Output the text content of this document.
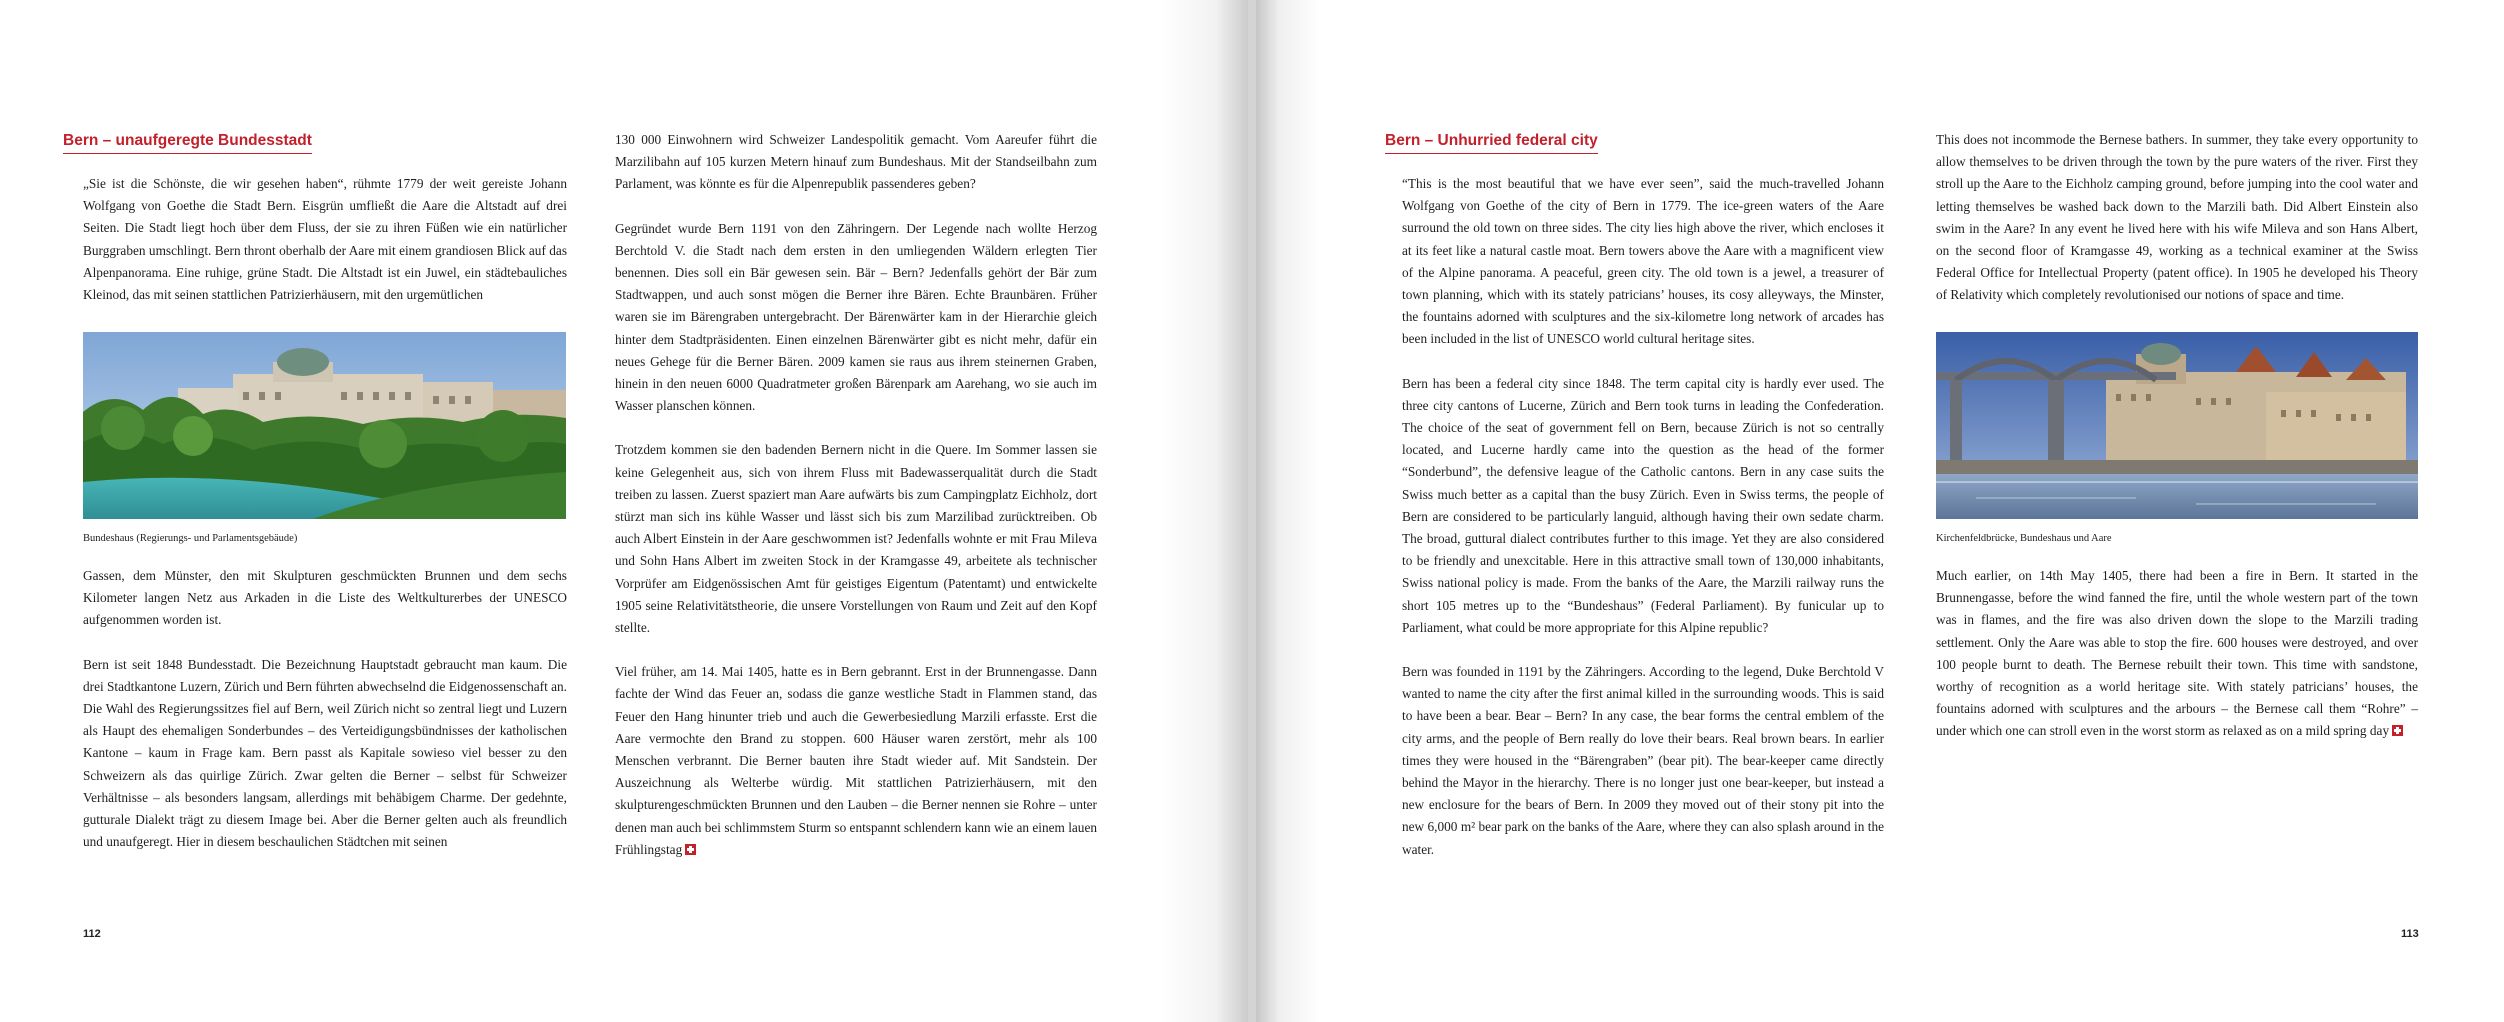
Bern – unaufgeregte Bundesstadt

„Sie ist die Schönste, die wir gesehen haben“, rühmte 1779 der weit gereiste Johann Wolfgang von Goethe die Stadt Bern. Eisgrün umfließt die Aare die Altstadt auf drei Seiten. Die Stadt liegt hoch über dem Fluss, der sie zu ihren Füßen wie ein natürlicher Burggraben umschlingt. Bern thront oberhalb der Aare mit einem grandiosen Blick auf das Alpenpanorama. Eine ruhige, grüne Stadt. Die Altstadt ist ein Juwel, ein städtebauliches Kleinod, das mit seinen stattlichen Patrizierhäusern, mit den urgemütlichen

Bundeshaus (Regierungs- und Parlamentsgebäude)

Gassen, dem Münster, den mit Skulpturen geschmückten Brunnen und dem sechs Kilometer langen Netz aus Arkaden in die Liste des Weltkulturerbes der UNESCO aufgenommen worden ist.

Bern ist seit 1848 Bundesstadt. Die Bezeichnung Hauptstadt gebraucht man kaum. Die drei Stadtkantone Luzern, Zürich und Bern führten abwechselnd die Eidgenossenschaft an. Die Wahl des Regierungssitzes fiel auf Bern, weil Zürich nicht so zentral liegt und Luzern als Haupt des ehemaligen Sonderbundes – des Verteidigungsbündnisses der katholischen Kantone – kaum in Frage kam. Bern passt als Kapitale sowieso viel besser zu den Schweizern als das quirlige Zürich. Zwar gelten die Berner – selbst für Schweizer Verhältnisse – als besonders langsam, allerdings mit behäbigem Charme. Der gedehnte, gutturale Dialekt trägt zu diesem Image bei. Aber die Berner gelten auch als freundlich und unaufgeregt. Hier in diesem beschaulichen Städtchen mit seinen

130 000 Einwohnern wird Schweizer Landespolitik gemacht. Vom Aareufer führt die Marzilibahn auf 105 kurzen Metern hinauf zum Bundeshaus. Mit der Standseilbahn zum Parlament, was könnte es für die Alpenrepublik passenderes geben?

Gegründet wurde Bern 1191 von den Zähringern. Der Legende nach wollte Herzog Berchtold V. die Stadt nach dem ersten in den umliegenden Wäldern erlegten Tier benennen. Dies soll ein Bär gewesen sein. Bär – Bern? Jedenfalls gehört der Bär zum Stadtwappen, und auch sonst mögen die Berner ihre Bären. Echte Braunbären. Früher waren sie im Bärengraben untergebracht. Der Bärenwärter kam in der Hierarchie gleich hinter dem Stadtpräsidenten. Einen einzelnen Bärenwärter gibt es nicht mehr, dafür ein neues Gehege für die Berner Bären. 2009 kamen sie raus aus ihrem steinernen Graben, hinein in den neuen 6000 Quadratmeter großen Bärenpark am Aarehang, wo sie auch im Wasser planschen können.

Trotzdem kommen sie den badenden Bernern nicht in die Quere. Im Sommer lassen sie keine Gelegenheit aus, sich von ihrem Fluss mit Badewasserqualität durch die Stadt treiben zu lassen. Zuerst spaziert man Aare aufwärts bis zum Campingplatz Eichholz, dort stürzt man sich ins kühle Wasser und lässt sich bis zum Marzilibad zurücktreiben. Ob auch Albert Einstein in der Aare geschwommen ist? Jedenfalls wohnte er mit Frau Mileva und Sohn Hans Albert im zweiten Stock in der Kramgasse 49, arbeitete als technischer Vorprüfer am Eidgenössischen Amt für geistiges Eigentum (Patentamt) und entwickelte 1905 seine Relativitätstheorie, die unsere Vorstellungen von Raum und Zeit auf den Kopf stellte.

Viel früher, am 14. Mai 1405, hatte es in Bern gebrannt. Erst in der Brunnengasse. Dann fachte der Wind das Feuer an, sodass die ganze westliche Stadt in Flammen stand, das Feuer den Hang hinunter trieb und auch die Gewerbesiedlung Marzili erfasste. Erst die Aare vermochte den Brand zu stoppen. 600 Häuser waren zerstört, mehr als 100 Menschen verbrannt. Die Berner bauten ihre Stadt wieder auf. Mit Sandstein. Der Auszeichnung als Welterbe würdig. Mit stattlichen Patrizierhäusern, mit den skulpturengeschmückten Brunnen und den Lauben – die Berner nennen sie Rohre – unter denen man auch bei schlimmstem Sturm so entspannt schlendern kann wie an einem lauen Frühlingstag

112
Bern – Unhurried federal city

“This is the most beautiful that we have ever seen”, said the much-travelled Johann Wolfgang von Goethe of the city of Bern in 1779. The ice-green waters of the Aare surround the old town on three sides. The city lies high above the river, which encloses it at its feet like a natural castle moat. Bern towers above the Aare with a magnificent view of the Alpine panorama. A peaceful, green city. The old town is a jewel, a treasurer of town planning, which with its stately patricians’ houses, its cosy alleyways, the Minster, the fountains adorned with sculptures and the six-kilometre long network of arcades has been included in the list of UNESCO world cultural heritage sites.

Bern has been a federal city since 1848. The term capital city is hardly ever used. The three city cantons of Lucerne, Zürich and Bern took turns in leading the Confederation. The choice of the seat of government fell on Bern, because Zürich is not so centrally located, and Lucerne hardly came into the question as the head of the former “Sonderbund”, the defensive league of the Catholic cantons. Bern in any case suits the Swiss much better as a capital than the busy Zürich. Even in Swiss terms, the people of Bern are considered to be particularly languid, although having their own sedate charm. The broad, guttural dialect contributes further to this image. Yet they are also considered to be friendly and unexcitable. Here in this attractive small town of 130,000 inhabitants, Swiss national policy is made. From the banks of the Aare, the Marzili railway runs the short 105 metres up to the “Bundeshaus” (Federal Parliament). By funicular up to Parliament, what could be more appropriate for this Alpine republic?

Bern was founded in 1191 by the Zähringers. According to the legend, Duke Berchtold V wanted to name the city after the first animal killed in the surrounding woods. This is said to have been a bear. Bear – Bern? In any case, the bear forms the central emblem of the city arms, and the people of Bern really do love their bears. Real brown bears. In earlier times they were housed in the “Bärengraben” (bear pit). The bear-keeper came directly behind the Mayor in the hierarchy. There is no longer just one bear-keeper, but instead a new enclosure for the bears of Bern. In 2009 they moved out of their stony pit into the new 6,000 m² bear park on the banks of the Aare, where they can also splash around in the water.

This does not incommode the Bernese bathers. In summer, they take every opportunity to allow themselves to be driven through the town by the pure waters of the river. First they stroll up the Aare to the Eichholz camping ground, before jumping into the cool water and letting themselves be washed back down to the Marzili bath. Did Albert Einstein also swim in the Aare? In any event he lived here with his wife Mileva and son Hans Albert, on the second floor of Kramgasse 49, working as a technical examiner at the Swiss Federal Office for Intellectual Property (patent office). In 1905 he developed his Theory of Relativity which completely revolutionised our notions of space and time.

Kirchenfeldbrücke, Bundeshaus und Aare

Much earlier, on 14th May 1405, there had been a fire in Bern. It started in the Brunnengasse, before the wind fanned the fire, until the whole western part of the town was in flames, and the fire was also driven down the slope to the Marzili trading settlement. Only the Aare was able to stop the fire. 600 houses were destroyed, and over 100 people burnt to death. The Bernese rebuilt their town. This time with sandstone, worthy of recognition as a world heritage site. With stately patricians’ houses, the fountains adorned with sculptures and the arbours – the Bernese call them “Rohre” – under which one can stroll even in the worst storm as relaxed as on a mild spring day

113
